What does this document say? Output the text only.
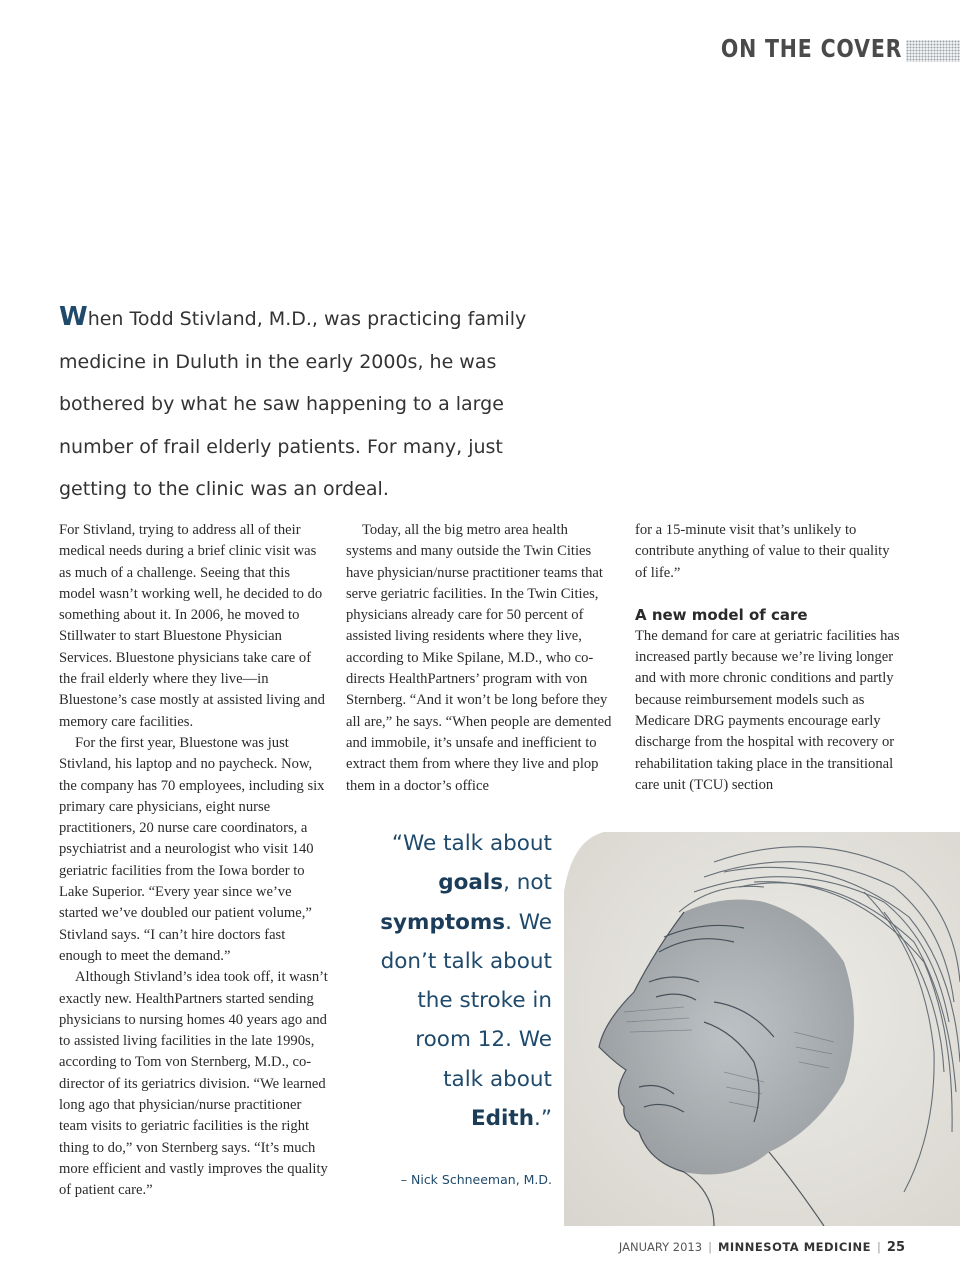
ON THE COVER
When Todd Stivland, M.D., was practicing family medicine in Duluth in the early 2000s, he was bothered by what he saw happening to a large number of frail elderly patients. For many, just getting to the clinic was an ordeal.

For Stivland, trying to address all of their medical needs during a brief clinic visit was as much of a challenge. Seeing that this model wasn’t working well, he decided to do something about it. In 2006, he moved to Stillwater to start Bluestone Physician Services. Bluestone physicians take care of the frail elderly where they live—in Bluestone’s case mostly at assisted living and memory care facilities.

For the first year, Bluestone was just Stivland, his laptop and no paycheck. Now, the company has 70 employees, including six primary care physicians, eight nurse practitioners, 20 nurse care coordinators, a psychiatrist and a neurologist who visit 140 geriatric facilities from the Iowa border to Lake Superior. “Every year since we’ve started we’ve doubled our patient volume,” Stivland says. “I can’t hire doctors fast enough to meet the demand.”

Although Stivland’s idea took off, it wasn’t exactly new. HealthPartners started sending physicians to nursing homes 40 years ago and to assisted living facilities in the late 1990s, according to Tom von Sternberg, M.D., co-director of its geriatrics division. “We learned long ago that physician/nurse practitioner team visits to geriatric facilities is the right thing to do,” von Sternberg says. “It’s much more efficient and vastly improves the quality of patient care.”

Today, all the big metro area health systems and many outside the Twin Cities have physician/nurse practitioner teams that serve geriatric facilities. In the Twin Cities, physicians already care for 50 percent of assisted living residents where they live, according to Mike Spilane, M.D., who co-directs HealthPartners’ program with von Sternberg. “And it won’t be long before they all are,” he says. “When people are demented and immobile, it’s unsafe and inefficient to extract them from where they live and plop them in a doctor’s office

for a 15-minute visit that’s unlikely to contribute anything of value to their quality of life.”

A new model of care

The demand for care at geriatric facilities has increased partly because we’re living longer and with more chronic conditions and partly because reimbursement models such as Medicare DRG payments encourage early discharge from the hospital with recovery or rehabilitation taking place in the transitional care unit (TCU) section

“We talk about goals, not symptoms. We don’t talk about the stroke in room 12. We talk about Edith.”
– Nick Schneeman, M.D.
JANUARY 2013 | MINNESOTA MEDICINE | 25
